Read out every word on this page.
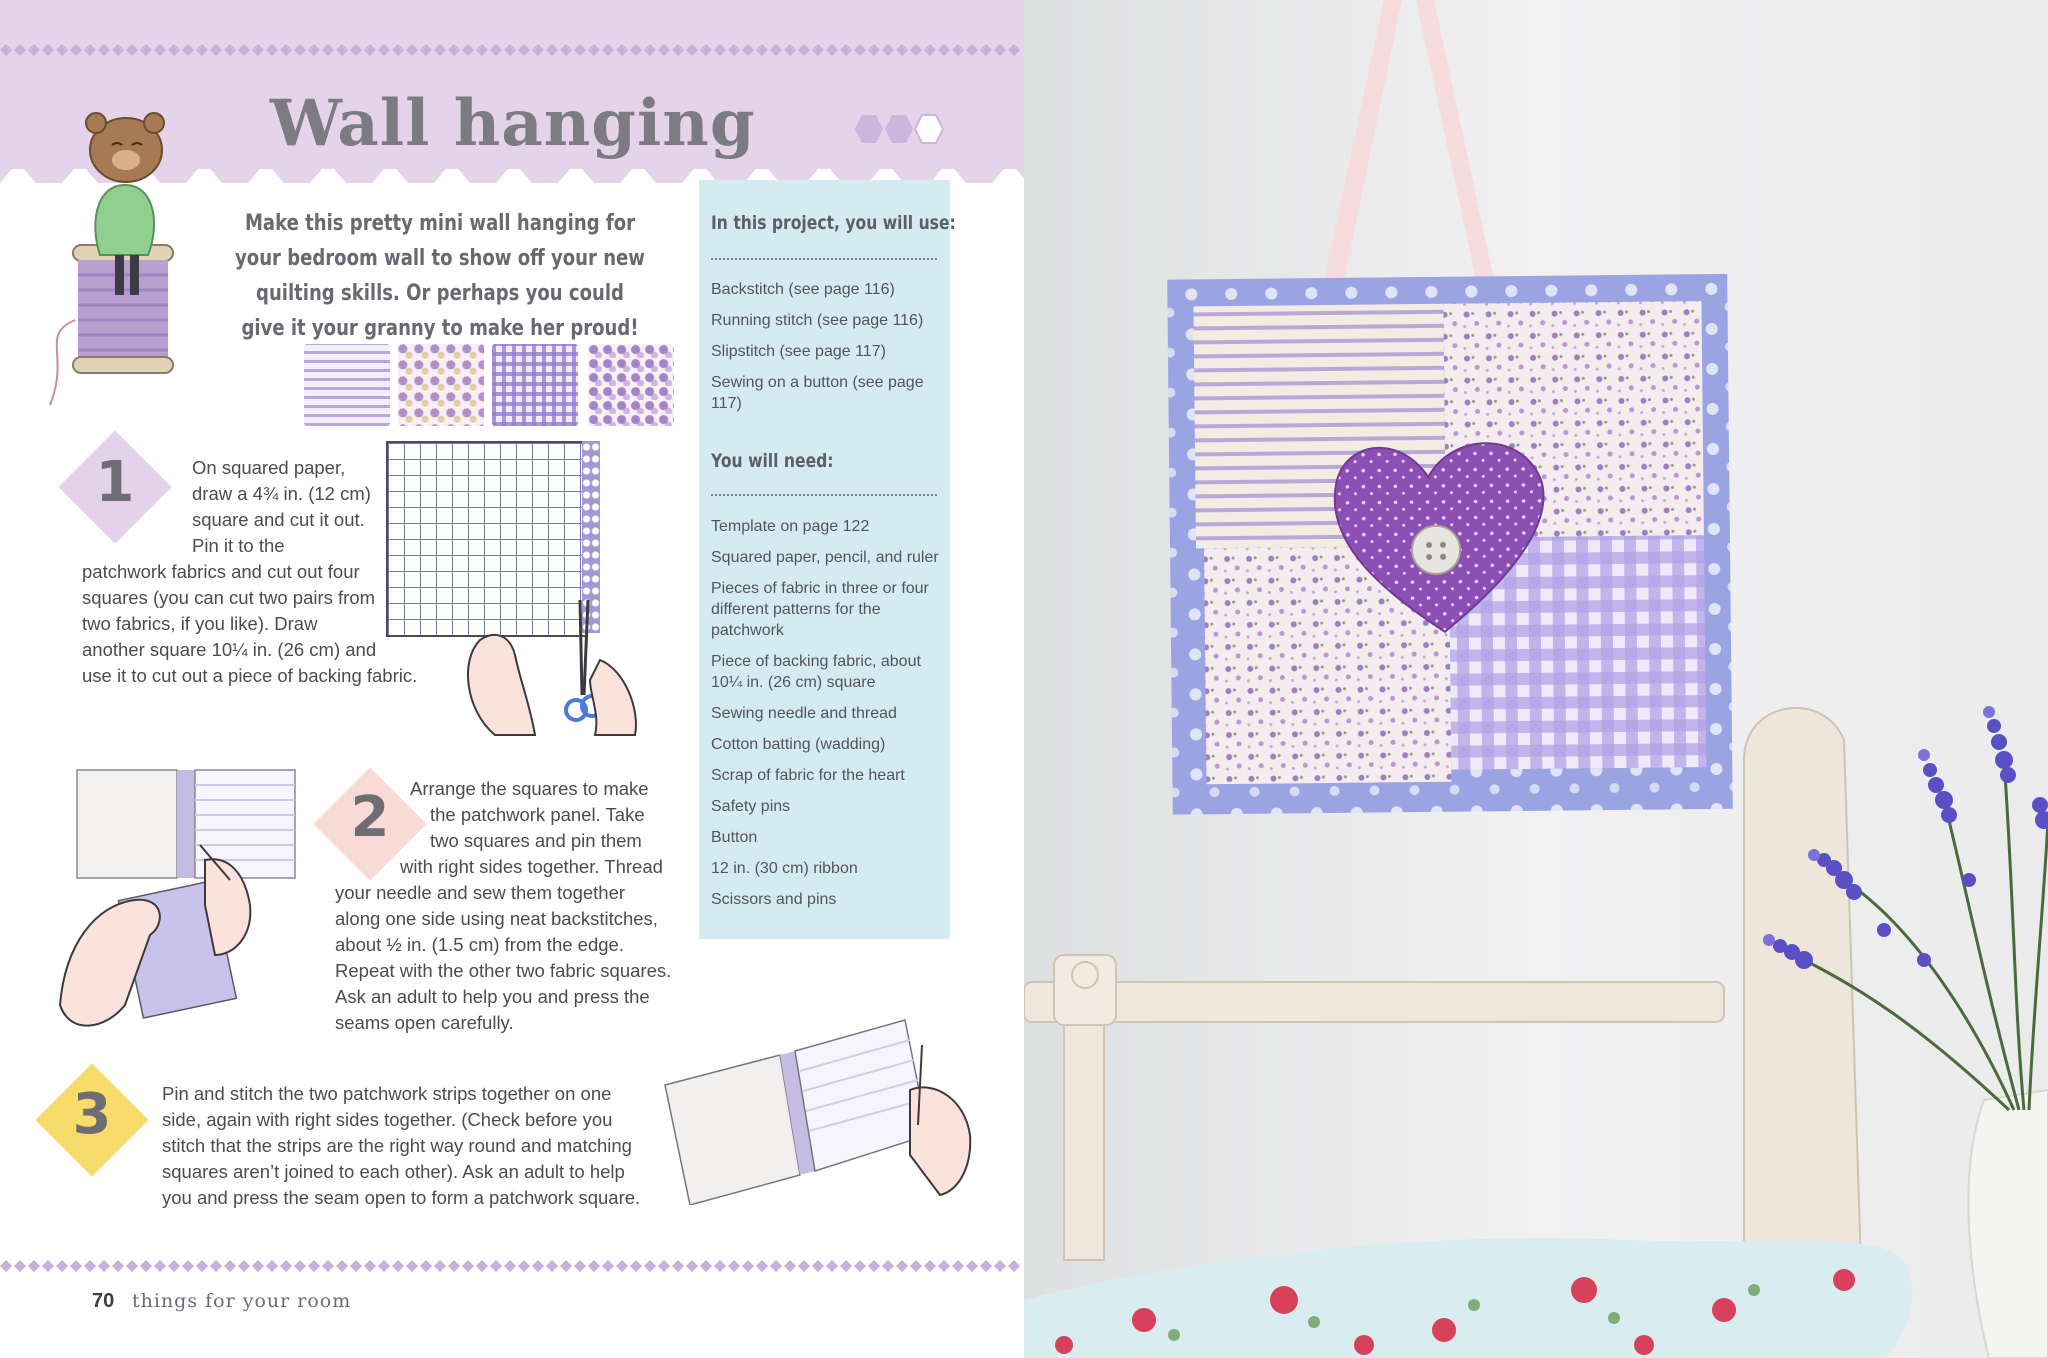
Wall hanging
Make this pretty mini wall hanging for your bedroom wall to show off your new quilting skills. Or perhaps you could give it your granny to make her proud!
In this project, you will use:
Backstitch (see page 116)
Running stitch (see page 116)
Slipstitch (see page 117)
Sewing on a button (see page 117)
You will need:
Template on page 122
Squared paper, pencil, and ruler
Pieces of fabric in three or four different patterns for the patchwork
Piece of backing fabric, about 10¼ in. (26 cm) square
Sewing needle and thread
Cotton batting (wadding)
Scrap of fabric for the heart
Safety pins
Button
12 in. (30 cm) ribbon
Scissors and pins
1	On squared paper,
draw a 4¾ in. (12 cm)
square and cut it out.
Pin it to the
patchwork fabrics and cut out four
squares (you can cut two pairs from
two fabrics, if you like). Draw
another square 10¼ in. (26 cm) and
use it to cut out a piece of backing fabric.
2	Arrange the squares to make
the patchwork panel. Take
two squares and pin them
with right sides together. Thread
your needle and sew them together
along one side using neat backstitches,
about ½ in. (1.5 cm) from the edge.
Repeat with the other two fabric squares.
Ask an adult to help you and press the
seams open carefully.
3	Pin and stitch the two patchwork strips together on one
side, again with right sides together. (Check before you
stitch that the strips are the right way round and matching
squares aren’t joined to each other). Ask an adult to help
you and press the seam open to form a patchwork square.
70 things for your room
